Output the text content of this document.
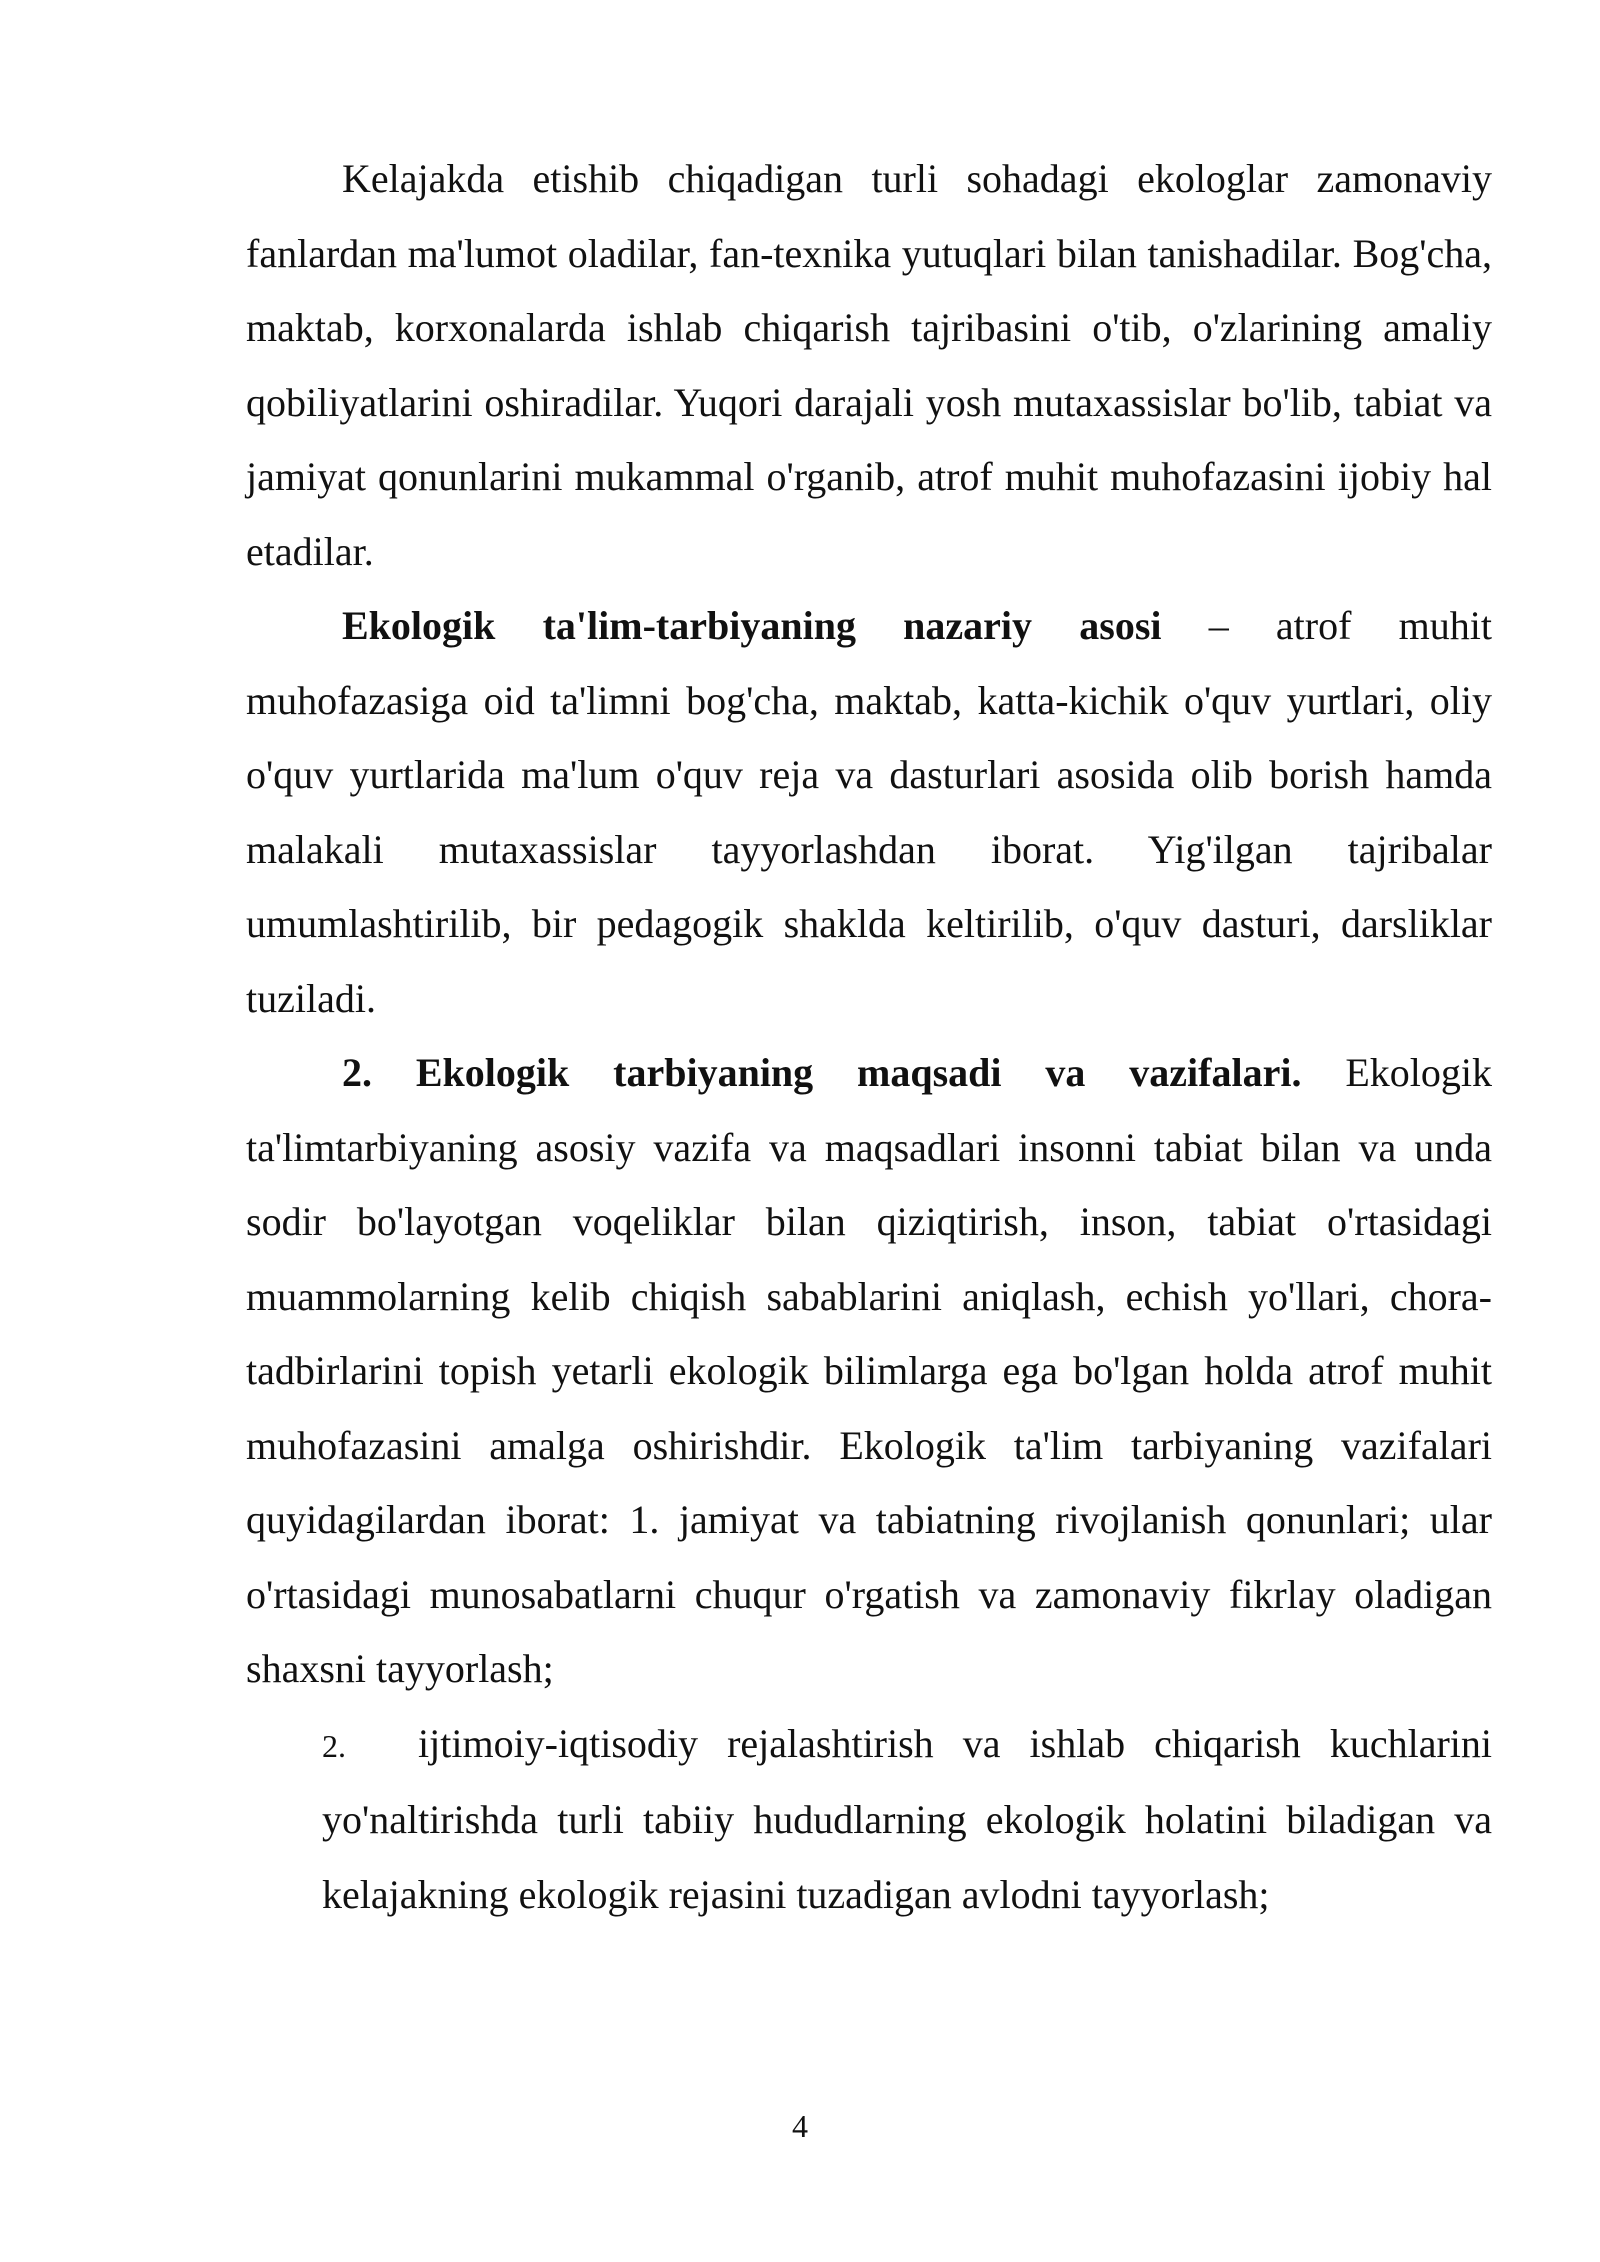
Kelajakda etishib chiqadigan turli sohadagi ekologlar zamonaviy fanlardan ma'lumot oladilar, fan-texnika yutuqlari bilan tanishadilar. Bog'cha, maktab, korxonalarda ishlab chiqarish tajribasini o'tib, o'zlarining amaliy qobiliyatlarini oshiradilar. Yuqori darajali yosh mutaxassislar bo'lib, tabiat va jamiyat qonunlarini mukammal o'rganib, atrof muhit muhofazasini ijobiy hal etadilar.

Ekologik ta'lim-tarbiyaning nazariy asosi – atrof muhit muhofazasiga oid ta'limni bog'cha, maktab, katta-kichik o'quv yurtlari, oliy o'quv yurtlarida ma'lum o'quv reja va dasturlari asosida olib borish hamda malakali mutaxassislar tayyorlashdan iborat. Yig'ilgan tajribalar umumlashtirilib, bir pedagogik shakldа keltirilib, o'quv dasturi, darsliklar tuziladi.

2. Ekologik tarbiyaning maqsadi va vazifalari. Ekologik ta'limtarbiyaning asosiy vazifa va maqsadlari insonni tabiat bilan va unda sodir bo'layotgan voqeliklar bilan qiziqtirish, inson, tabiat o'rtasidagi muammolarning kelib chiqish sabablarini aniqlash, echish yo'llari, chora-tadbirlarini topish yetarli ekologik bilimlarga ega bo'lgan holda atrof muhit muhofazasini amalga oshirishdir. Ekologik ta'lim tarbiyaning vazifalari quyidagilardan iborat: 1. jamiyat va tabiatning rivojlanish qonunlari; ular o'rtasidagi munosabatlarni chuqur o'rgatish va zamonaviy fikrlay oladigan shaxsni tayyorlash;

2. ijtimoiy-iqtisodiy rejalashtirish va ishlab chiqarish kuchlarini yo'naltirishda turli tabiiy hududlarning ekologik holatini biladigan va kelajakning ekologik rejasini tuzadigan avlodni tayyorlash;

4
